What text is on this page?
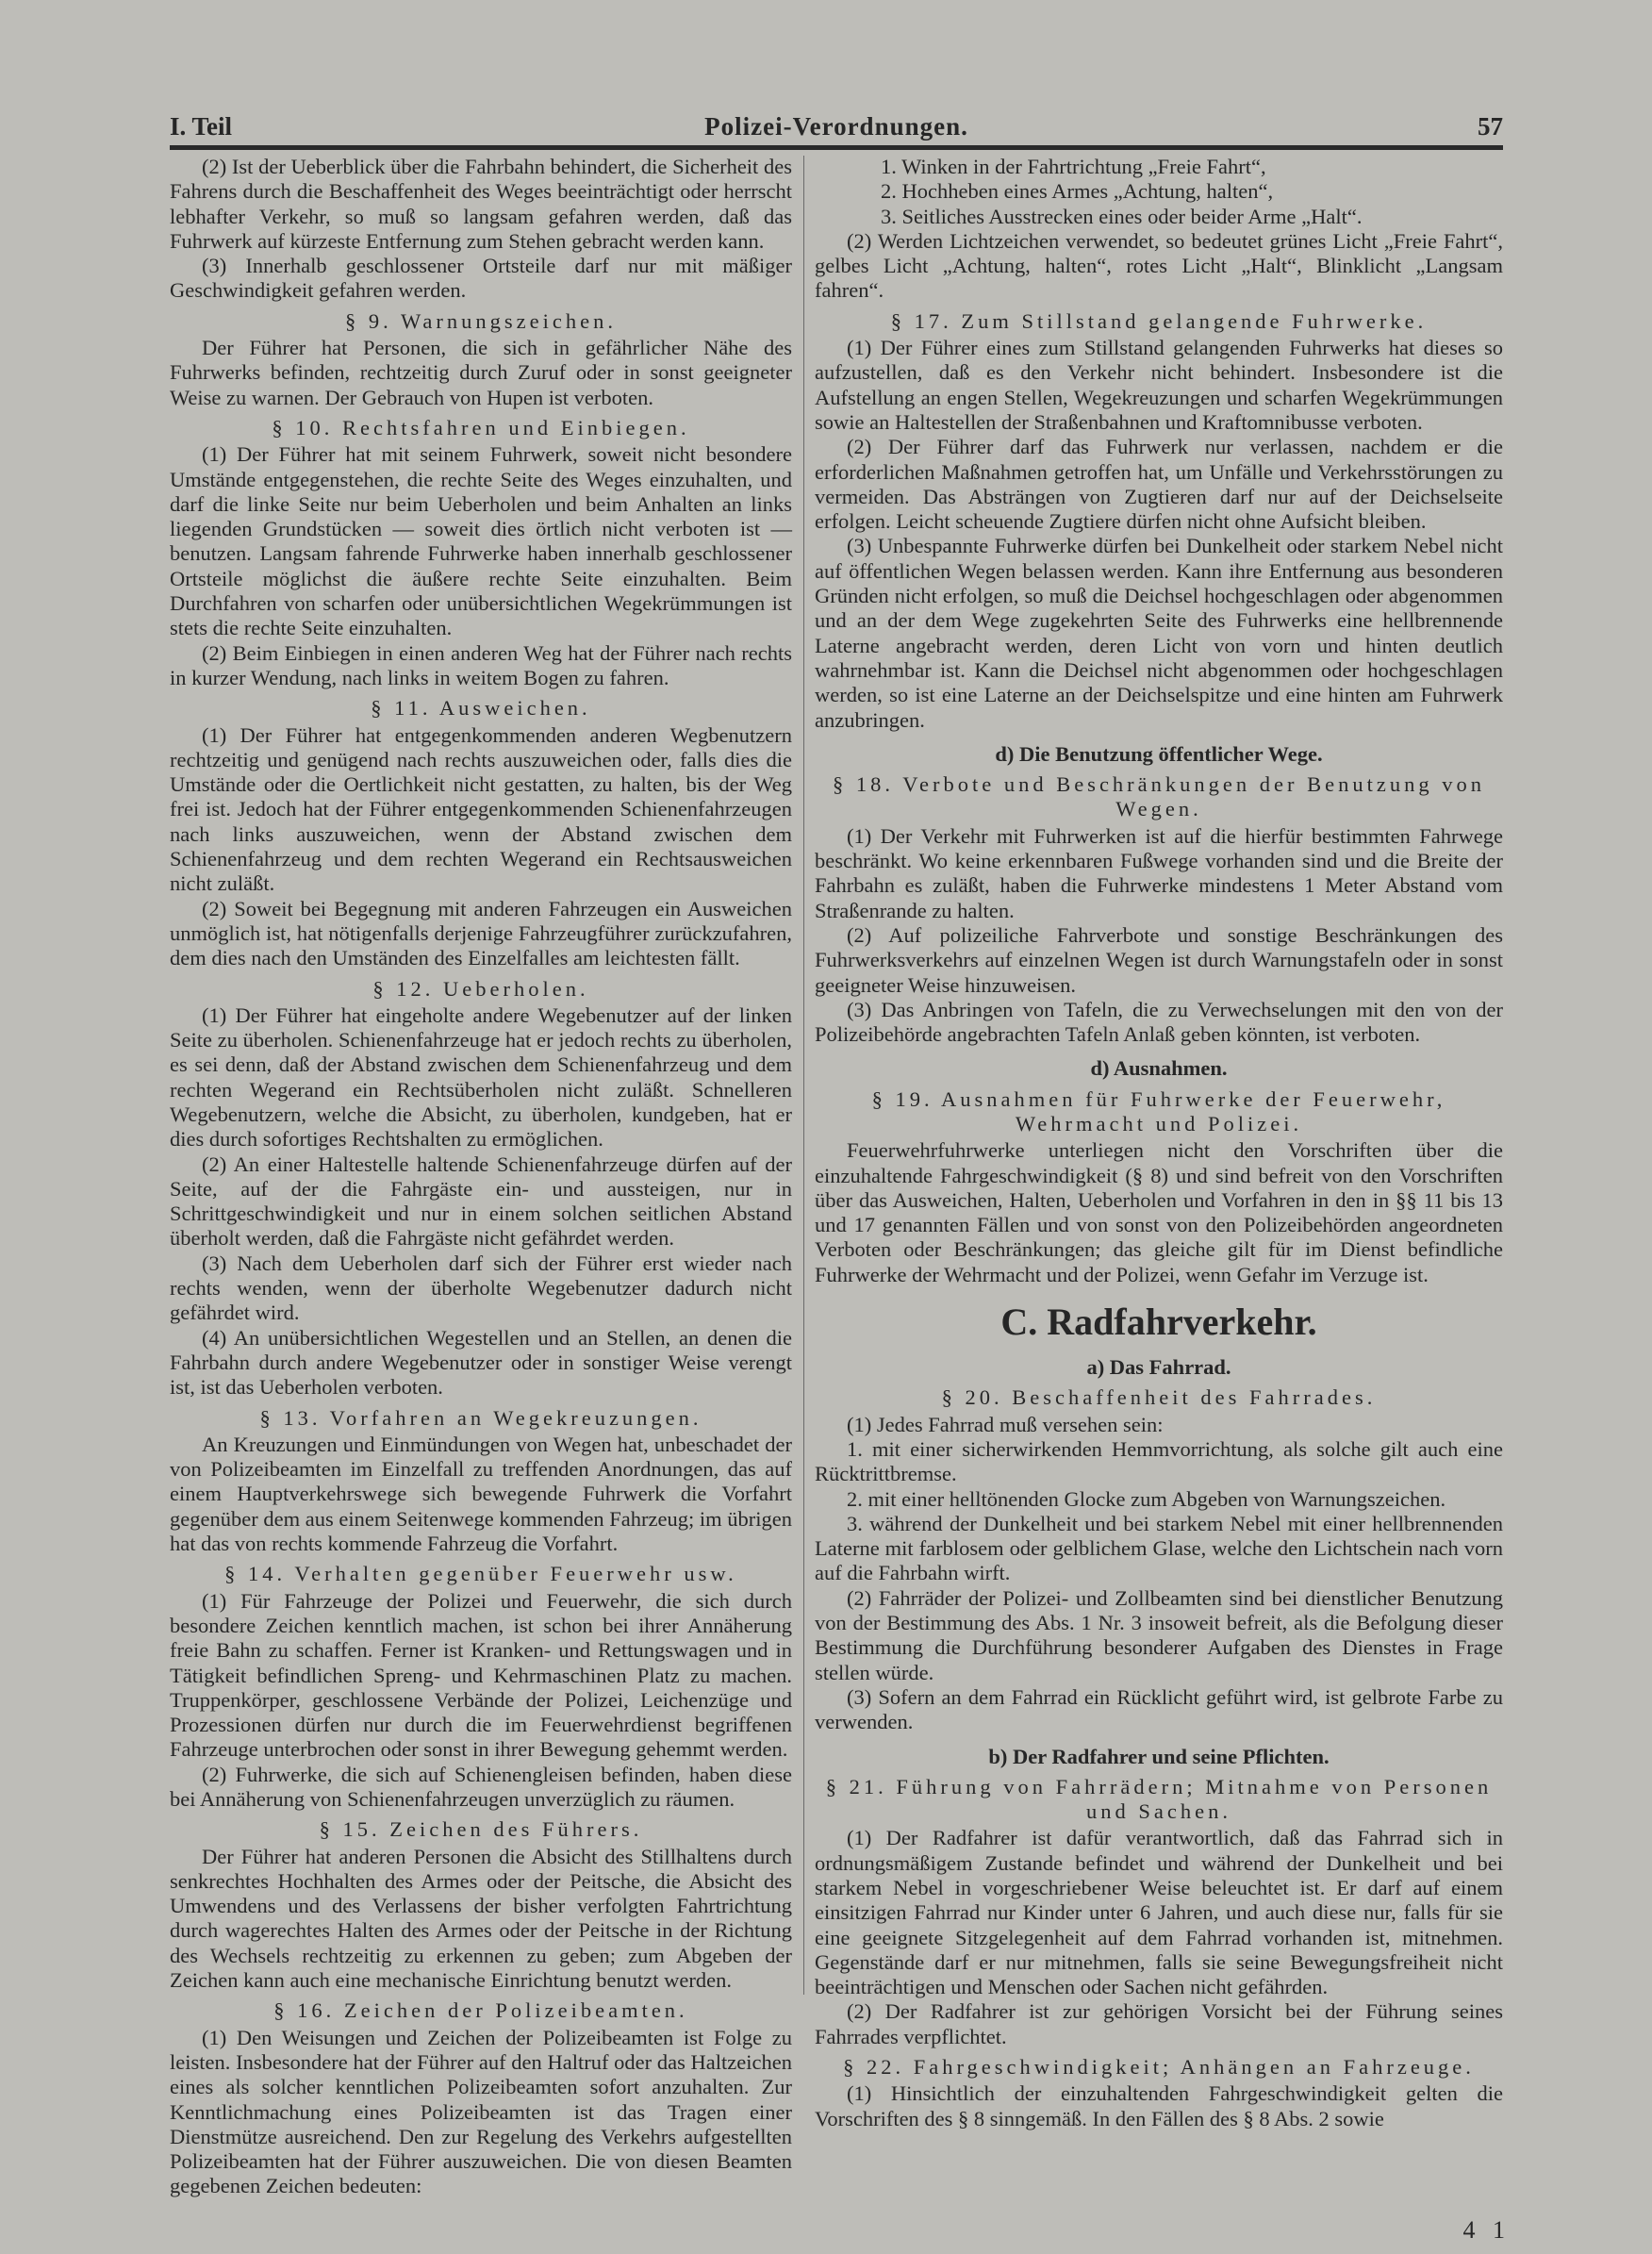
I. Teil	Polizei-Verordnungen.	57
(2) Ist der Ueberblick über die Fahrbahn behindert, die Sicherheit des Fahrens durch die Beschaffenheit des Weges beeinträchtigt oder herrscht lebhafter Verkehr, so muß so langsam gefahren werden, daß das Fuhrwerk auf kürzeste Entfernung zum Stehen gebracht werden kann.
(3) Innerhalb geschlossener Ortsteile darf nur mit mäßiger Geschwindigkeit gefahren werden.
§ 9. Warnungszeichen.
Der Führer hat Personen, die sich in gefährlicher Nähe des Fuhrwerks befinden, rechtzeitig durch Zuruf oder in sonst geeigneter Weise zu warnen. Der Gebrauch von Hupen ist verboten.
§ 10. Rechtsfahren und Einbiegen.
(1) Der Führer hat mit seinem Fuhrwerk, soweit nicht besondere Umstände entgegenstehen, die rechte Seite des Weges einzuhalten, und darf die linke Seite nur beim Ueberholen und beim Anhalten an links liegenden Grundstücken — soweit dies örtlich nicht verboten ist — benutzen. Langsam fahrende Fuhrwerke haben innerhalb geschlossener Ortsteile möglichst die äußere rechte Seite einzuhalten. Beim Durchfahren von scharfen oder unübersichtlichen Wegekrümmungen ist stets die rechte Seite einzuhalten.
(2) Beim Einbiegen in einen anderen Weg hat der Führer nach rechts in kurzer Wendung, nach links in weitem Bogen zu fahren.
§ 11. Ausweichen.
(1) Der Führer hat entgegenkommenden anderen Wegbenutzern rechtzeitig und genügend nach rechts auszuweichen oder, falls dies die Umstände oder die Oertlichkeit nicht gestatten, zu halten, bis der Weg frei ist. Jedoch hat der Führer entgegenkommenden Schienenfahrzeugen nach links auszuweichen, wenn der Abstand zwischen dem Schienenfahrzeug und dem rechten Wegerand ein Rechtsausweichen nicht zuläßt.
(2) Soweit bei Begegnung mit anderen Fahrzeugen ein Ausweichen unmöglich ist, hat nötigenfalls derjenige Fahrzeugführer zurückzufahren, dem dies nach den Umständen des Einzelfalles am leichtesten fällt.
§ 12. Ueberholen.
(1) Der Führer hat eingeholte andere Wegebenutzer auf der linken Seite zu überholen. Schienenfahrzeuge hat er jedoch rechts zu überholen, es sei denn, daß der Abstand zwischen dem Schienenfahrzeug und dem rechten Wegerand ein Rechtsüberholen nicht zuläßt. Schnelleren Wegebenutzern, welche die Absicht, zu überholen, kundgeben, hat er dies durch sofortiges Rechtshalten zu ermöglichen.
(2) An einer Haltestelle haltende Schienenfahrzeuge dürfen auf der Seite, auf der die Fahrgäste ein- und aussteigen, nur in Schrittgeschwindigkeit und nur in einem solchen seitlichen Abstand überholt werden, daß die Fahrgäste nicht gefährdet werden.
(3) Nach dem Ueberholen darf sich der Führer erst wieder nach rechts wenden, wenn der überholte Wegebenutzer dadurch nicht gefährdet wird.
(4) An unübersichtlichen Wegestellen und an Stellen, an denen die Fahrbahn durch andere Wegebenutzer oder in sonstiger Weise verengt ist, ist das Ueberholen verboten.
§ 13. Vorfahren an Wegekreuzungen.
An Kreuzungen und Einmündungen von Wegen hat, unbeschadet der von Polizeibeamten im Einzelfall zu treffenden Anordnungen, das auf einem Hauptverkehrswege sich bewegende Fuhrwerk die Vorfahrt gegenüber dem aus einem Seitenwege kommenden Fahrzeug; im übrigen hat das von rechts kommende Fahrzeug die Vorfahrt.
§ 14. Verhalten gegenüber Feuerwehr usw.
(1) Für Fahrzeuge der Polizei und Feuerwehr, die sich durch besondere Zeichen kenntlich machen, ist schon bei ihrer Annäherung freie Bahn zu schaffen. Ferner ist Kranken- und Rettungswagen und in Tätigkeit befindlichen Spreng- und Kehrmaschinen Platz zu machen. Truppenkörper, geschlossene Verbände der Polizei, Leichenzüge und Prozessionen dürfen nur durch die im Feuerwehrdienst begriffenen Fahrzeuge unterbrochen oder sonst in ihrer Bewegung gehemmt werden.
(2) Fuhrwerke, die sich auf Schienengleisen befinden, haben diese bei Annäherung von Schienenfahrzeugen unverzüglich zu räumen.
§ 15. Zeichen des Führers.
Der Führer hat anderen Personen die Absicht des Stillhaltens durch senkrechtes Hochhalten des Armes oder der Peitsche, die Absicht des Umwendens und des Verlassens der bisher verfolgten Fahrtrichtung durch wagerechtes Halten des Armes oder der Peitsche in der Richtung des Wechsels rechtzeitig zu erkennen zu geben; zum Abgeben der Zeichen kann auch eine mechanische Einrichtung benutzt werden.
§ 16. Zeichen der Polizeibeamten.
(1) Den Weisungen und Zeichen der Polizeibeamten ist Folge zu leisten. Insbesondere hat der Führer auf den Haltruf oder das Haltzeichen eines als solcher kenntlichen Polizeibeamten sofort anzuhalten. Zur Kenntlichmachung eines Polizeibeamten ist das Tragen einer Dienstmütze ausreichend. Den zur Regelung des Verkehrs aufgestellten Polizeibeamten hat der Führer auszuweichen. Die von diesen Beamten gegebenen Zeichen bedeuten:
1. Winken in der Fahrtrichtung „Freie Fahrt“,
2. Hochheben eines Armes „Achtung, halten“,
3. Seitliches Ausstrecken eines oder beider Arme „Halt“.
(2) Werden Lichtzeichen verwendet, so bedeutet grünes Licht „Freie Fahrt“, gelbes Licht „Achtung, halten“, rotes Licht „Halt“, Blinklicht „Langsam fahren“.
§ 17. Zum Stillstand gelangende Fuhrwerke.
(1) Der Führer eines zum Stillstand gelangenden Fuhrwerks hat dieses so aufzustellen, daß es den Verkehr nicht behindert. Insbesondere ist die Aufstellung an engen Stellen, Wegekreuzungen und scharfen Wegekrümmungen sowie an Haltestellen der Straßenbahnen und Kraftomnibusse verboten.
(2) Der Führer darf das Fuhrwerk nur verlassen, nachdem er die erforderlichen Maßnahmen getroffen hat, um Unfälle und Verkehrsstörungen zu vermeiden. Das Absträngen von Zugtieren darf nur auf der Deichselseite erfolgen. Leicht scheuende Zugtiere dürfen nicht ohne Aufsicht bleiben.
(3) Unbespannte Fuhrwerke dürfen bei Dunkelheit oder starkem Nebel nicht auf öffentlichen Wegen belassen werden. Kann ihre Entfernung aus besonderen Gründen nicht erfolgen, so muß die Deichsel hochgeschlagen oder abgenommen und an der dem Wege zugekehrten Seite des Fuhrwerks eine hellbrennende Laterne angebracht werden, deren Licht von vorn und hinten deutlich wahrnehmbar ist. Kann die Deichsel nicht abgenommen oder hochgeschlagen werden, so ist eine Laterne an der Deichselspitze und eine hinten am Fuhrwerk anzubringen.
d) Die Benutzung öffentlicher Wege.
§ 18. Verbote und Beschränkungen der Benutzung von Wegen.
(1) Der Verkehr mit Fuhrwerken ist auf die hierfür bestimmten Fahrwege beschränkt. Wo keine erkennbaren Fußwege vorhanden sind und die Breite der Fahrbahn es zuläßt, haben die Fuhrwerke mindestens 1 Meter Abstand vom Straßenrande zu halten.
(2) Auf polizeiliche Fahrverbote und sonstige Beschränkungen des Fuhrwerksverkehrs auf einzelnen Wegen ist durch Warnungstafeln oder in sonst geeigneter Weise hinzuweisen.
(3) Das Anbringen von Tafeln, die zu Verwechselungen mit den von der Polizeibehörde angebrachten Tafeln Anlaß geben könnten, ist verboten.
d) Ausnahmen.
§ 19. Ausnahmen für Fuhrwerke der Feuerwehr, Wehrmacht und Polizei.
Feuerwehrfuhrwerke unterliegen nicht den Vorschriften über die einzuhaltende Fahrgeschwindigkeit (§ 8) und sind befreit von den Vorschriften über das Ausweichen, Halten, Ueberholen und Vorfahren in den in §§ 11 bis 13 und 17 genannten Fällen und von sonst von den Polizeibehörden angeordneten Verboten oder Beschränkungen; das gleiche gilt für im Dienst befindliche Fuhrwerke der Wehrmacht und der Polizei, wenn Gefahr im Verzuge ist.
C. Radfahrverkehr.
a) Das Fahrrad.
§ 20. Beschaffenheit des Fahrrades.
(1) Jedes Fahrrad muß versehen sein:
1. mit einer sicherwirkenden Hemmvorrichtung, als solche gilt auch eine Rücktrittbremse.
2. mit einer helltönenden Glocke zum Abgeben von Warnungszeichen.
3. während der Dunkelheit und bei starkem Nebel mit einer hellbrennenden Laterne mit farblosem oder gelblichem Glase, welche den Lichtschein nach vorn auf die Fahrbahn wirft.
(2) Fahrräder der Polizei- und Zollbeamten sind bei dienstlicher Benutzung von der Bestimmung des Abs. 1 Nr. 3 insoweit befreit, als die Befolgung dieser Bestimmung die Durchführung besonderer Aufgaben des Dienstes in Frage stellen würde.
(3) Sofern an dem Fahrrad ein Rücklicht geführt wird, ist gelbrote Farbe zu verwenden.
b) Der Radfahrer und seine Pflichten.
§ 21. Führung von Fahrrädern; Mitnahme von Personen und Sachen.
(1) Der Radfahrer ist dafür verantwortlich, daß das Fahrrad sich in ordnungsmäßigem Zustande befindet und während der Dunkelheit und bei starkem Nebel in vorgeschriebener Weise beleuchtet ist. Er darf auf einem einsitzigen Fahrrad nur Kinder unter 6 Jahren, und auch diese nur, falls für sie eine geeignete Sitzgelegenheit auf dem Fahrrad vorhanden ist, mitnehmen. Gegenstände darf er nur mitnehmen, falls sie seine Bewegungsfreiheit nicht beeinträchtigen und Menschen oder Sachen nicht gefährden.
(2) Der Radfahrer ist zur gehörigen Vorsicht bei der Führung seines Fahrrades verpflichtet.
§ 22. Fahrgeschwindigkeit; Anhängen an Fahrzeuge.
(1) Hinsichtlich der einzuhaltenden Fahrgeschwindigkeit gelten die Vorschriften des § 8 sinngemäß. In den Fällen des § 8 Abs. 2 sowie
4 1
